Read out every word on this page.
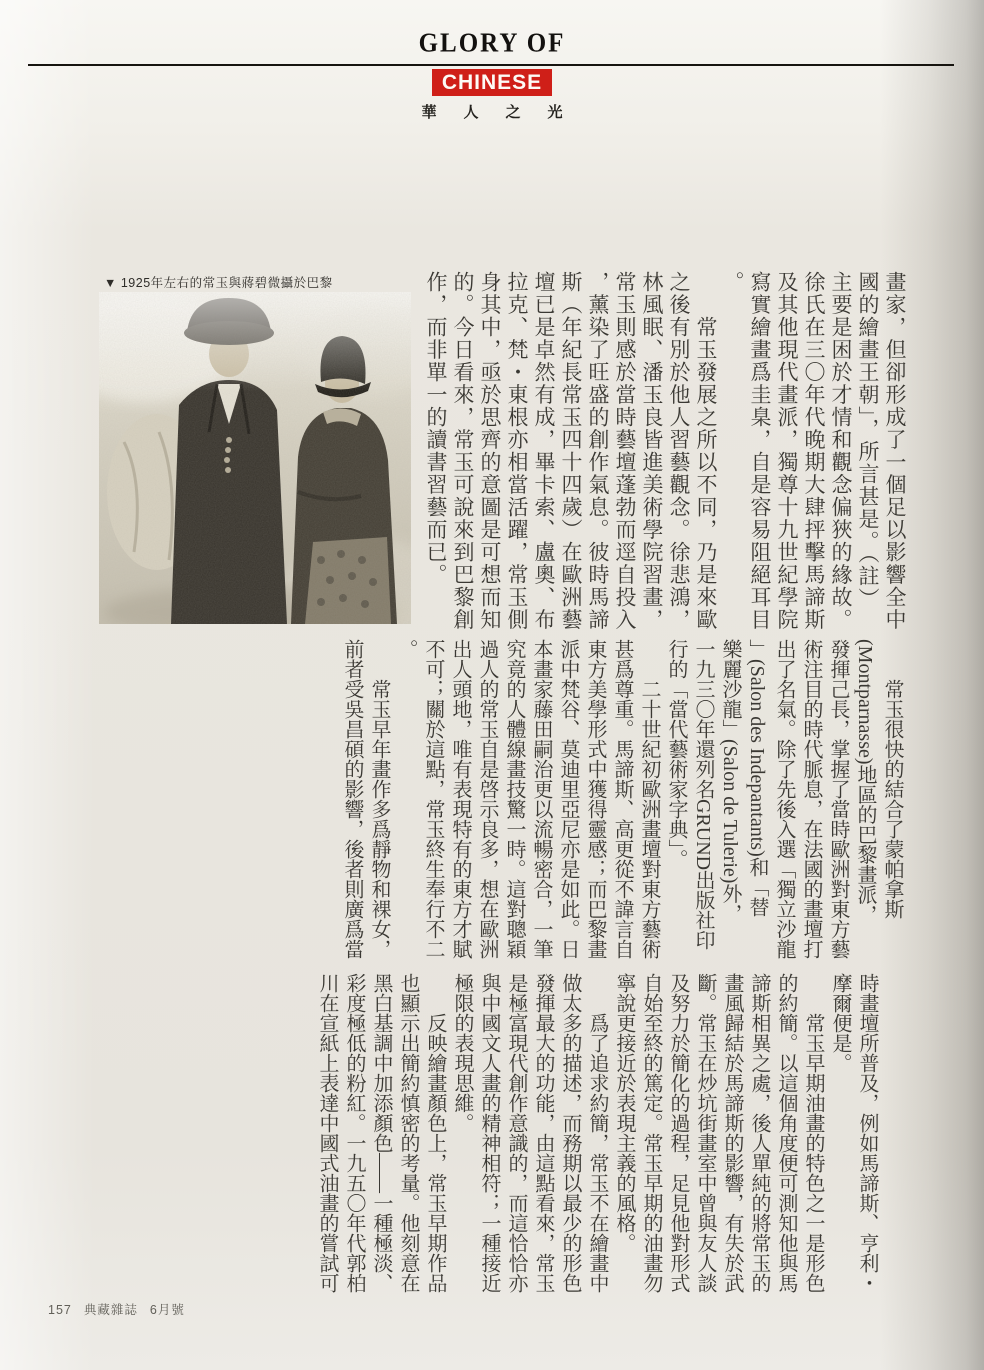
GLORY OF
CHINESE
華人之光
▼ 1925年左右的常玉與蔣碧微攝於巴黎	畫家，但卻形成了一個足以影響全中
國的繪畫王朝」，所言甚是。（註）
主要是困於才情和觀念偏狹的緣故。
徐氏在三〇年代晚期大肆抨擊馬諦斯
及其他現代畫派，獨尊十九世紀學院
寫實繪畫爲圭臬，自是容易阻絕耳目
。
　　常玉發展之所以不同，乃是來歐
之後有別於他人習藝觀念。徐悲鴻，
林風眠、潘玉良皆進美術學院習畫，
常玉則感於當時藝壇蓬勃而逕自投入
，薰染了旺盛的創作氣息。彼時馬諦
斯（年紀長常玉四十四歲）在歐洲藝
壇已是卓然有成，畢卡索、盧奧、布
拉克、梵・東根亦相當活躍，常玉側
身其中，亟於思齊的意圖是可想而知
的。今日看來，常玉可說來到巴黎創
作，而非單一的讀書習藝而已。
　　常玉很快的結合了蒙帕拿斯
(Montparnasse)地區的巴黎畫派，
發揮己長，掌握了當時歐洲對東方藝
術注目的時代脈息，在法國的畫壇打
出了名氣。除了先後入選「獨立沙龍
」(Salon des Indepantants)和「替
樂麗沙龍」(Salon de Tulerie)外，
一九三〇年還列名GRUND出版社印
行的「當代藝術家字典」。
　　二十世紀初歐洲畫壇對東方藝術
甚爲尊重。馬諦斯、高更從不諱言自
東方美學形式中獲得靈感；而巴黎畫
派中梵谷、莫迪里亞尼亦是如此。日
本畫家藤田嗣治更以流暢密合，一筆
究竟的人體線畫技驚一時。這對聰穎
過人的常玉自是啓示良多，想在歐洲
出人頭地，唯有表現特有的東方才賦
不可；關於這點，常玉終生奉行不二
。
　　常玉早年畫作多爲靜物和裸女，
前者受吳昌碩的影響，後者則廣爲當
時畫壇所普及，例如馬諦斯、亨利・
摩爾便是。
　　常玉早期油畫的特色之一是形色
的約簡。以這個角度便可測知他與馬
諦斯相異之處，後人單純的將常玉的
畫風歸結於馬諦斯的影響，有失於武
斷。常玉在炒坑街畫室中曾與友人談
及努力於簡化的過程，足見他對形式
自始至終的篤定。常玉早期的油畫勿
寧說更接近於表現主義的風格。
　　爲了追求約簡，常玉不在繪畫中
做太多的描述，而務期以最少的形色
發揮最大的功能，由這點看來，常玉
是極富現代創作意識的，而這恰恰亦
與中國文人畫的精神相符；一種接近
極限的表現思維。
　　反映繪畫顏色上，常玉早期作品
也顯示出簡約慎密的考量。他刻意在
黑白基調中加添顏色——一種極淡、
彩度極低的粉紅。一九五〇年代郭柏
川在宣紙上表達中國式油畫的嘗試可
157 典藏雜誌 6月號
